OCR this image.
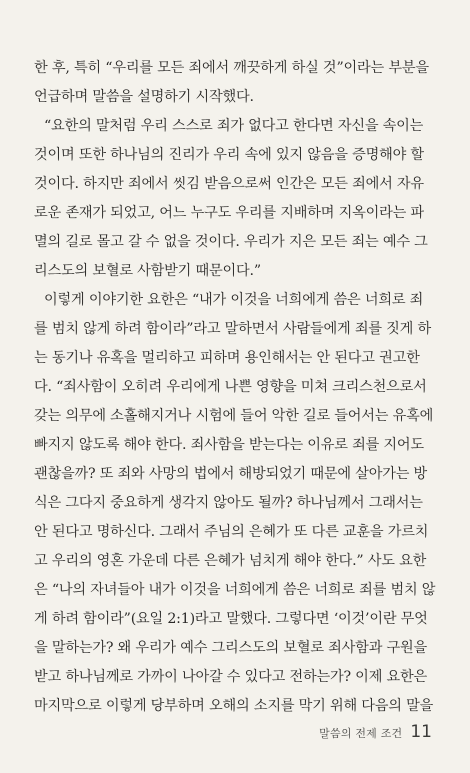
한 후, 특히 “우리를 모든 죄에서 깨끗하게 하실 것”이라는 부분을
언급하며 말씀을 설명하기 시작했다.
“요한의 말처럼 우리 스스로 죄가 없다고 한다면 자신을 속이는
것이며 또한 하나님의 진리가 우리 속에 있지 않음을 증명해야 할
것이다. 하지만 죄에서 씻김 받음으로써 인간은 모든 죄에서 자유
로운 존재가 되었고, 어느 누구도 우리를 지배하며 지옥이라는 파
멸의 길로 몰고 갈 수 없을 것이다. 우리가 지은 모든 죄는 예수 그
리스도의 보혈로 사함받기 때문이다.”
이렇게 이야기한 요한은 “내가 이것을 너희에게 씀은 너희로 죄
를 범치 않게 하려 함이라”라고 말하면서 사람들에게 죄를 짓게 하
는 동기나 유혹을 멀리하고 피하며 용인해서는 안 된다고 권고한
다. “죄사함이 오히려 우리에게 나쁜 영향을 미쳐 크리스천으로서
갖는 의무에 소홀해지거나 시험에 들어 악한 길로 들어서는 유혹에
빠지지 않도록 해야 한다. 죄사함을 받는다는 이유로 죄를 지어도
괜찮을까? 또 죄와 사망의 법에서 해방되었기 때문에 살아가는 방
식은 그다지 중요하게 생각지 않아도 될까? 하나님께서 그래서는
안 된다고 명하신다. 그래서 주님의 은혜가 또 다른 교훈을 가르치
고 우리의 영혼 가운데 다른 은혜가 넘치게 해야 한다.” 사도 요한
은 “나의 자녀들아 내가 이것을 너희에게 씀은 너희로 죄를 범치 않
게 하려 함이라”(요일 2:1)라고 말했다. 그렇다면 ‘이것’이란 무엇
을 말하는가? 왜 우리가 예수 그리스도의 보혈로 죄사함과 구원을
받고 하나님께로 가까이 나아갈 수 있다고 전하는가? 이제 요한은
마지막으로 이렇게 당부하며 오해의 소지를 막기 위해 다음의 말을
말씀의 전제 조건 11
